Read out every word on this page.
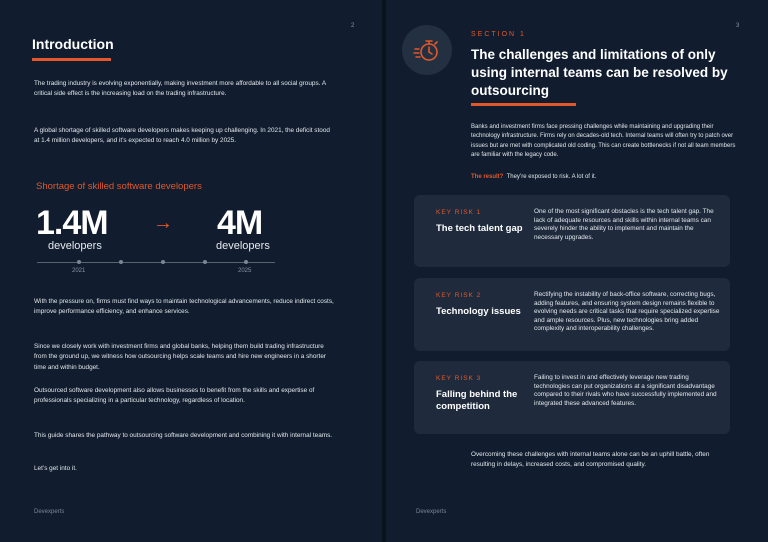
2
Introduction

The trading industry is evolving exponentially, making investment more affordable to all social groups. A critical side effect is the increasing load on the trading infrastructure.

A global shortage of skilled software developers makes keeping up challenging. In 2021, the deficit stood at 1.4 million developers, and it’s expected to reach 4.0 million by 2025.

Shortage of skilled software developers
1.4M
developers
→ 4M
developers
2021	2025

With the pressure on, firms must find ways to maintain technological advancements, reduce indirect costs, improve performance efficiency, and enhance services.

Since we closely work with investment firms and global banks, helping them build trading infrastructure from the ground up, we witness how outsourcing helps scale teams and hire new engineers in a shorter time and within budget.

Outsourced software development also allows businesses to benefit from the skills and expertise of professionals specializing in a particular technology, regardless of location.

This guide shares the pathway to outsourcing software development and combining it with internal teams.

Let’s get into it.

Devexperts
3
SECTION 1
The challenges and limitations of only using internal teams can be resolved by outsourcing

Banks and investment firms face pressing challenges while maintaining and upgrading their technology infrastructure. Firms rely on decades-old tech. Internal teams will often try to patch over issues but are met with complicated old coding. This can create bottlenecks if not all team members are familiar with the legacy code.

The result? They’re exposed to risk. A lot of it.
KEY RISK 1
The tech talent gap

One of the most significant obstacles is the tech talent gap. The lack of adequate resources and skills within internal teams can severely hinder the ability to implement and maintain the necessary upgrades.

KEY RISK 2
Technology issues

Rectifying the instability of back-office software, correcting bugs, adding features, and ensuring system design remains flexible to evolving needs are critical tasks that require specialized expertise and ample resources. Plus, new technologies bring added complexity and interoperability challenges.

KEY RISK 3
Falling behind the competition

Failing to invest in and effectively leverage new trading technologies can put organizations at a significant disadvantage compared to their rivals who have successfully implemented and integrated these advanced features.

Overcoming these challenges with internal teams alone can be an uphill battle, often resulting in delays, increased costs, and compromised quality.

Devexperts
